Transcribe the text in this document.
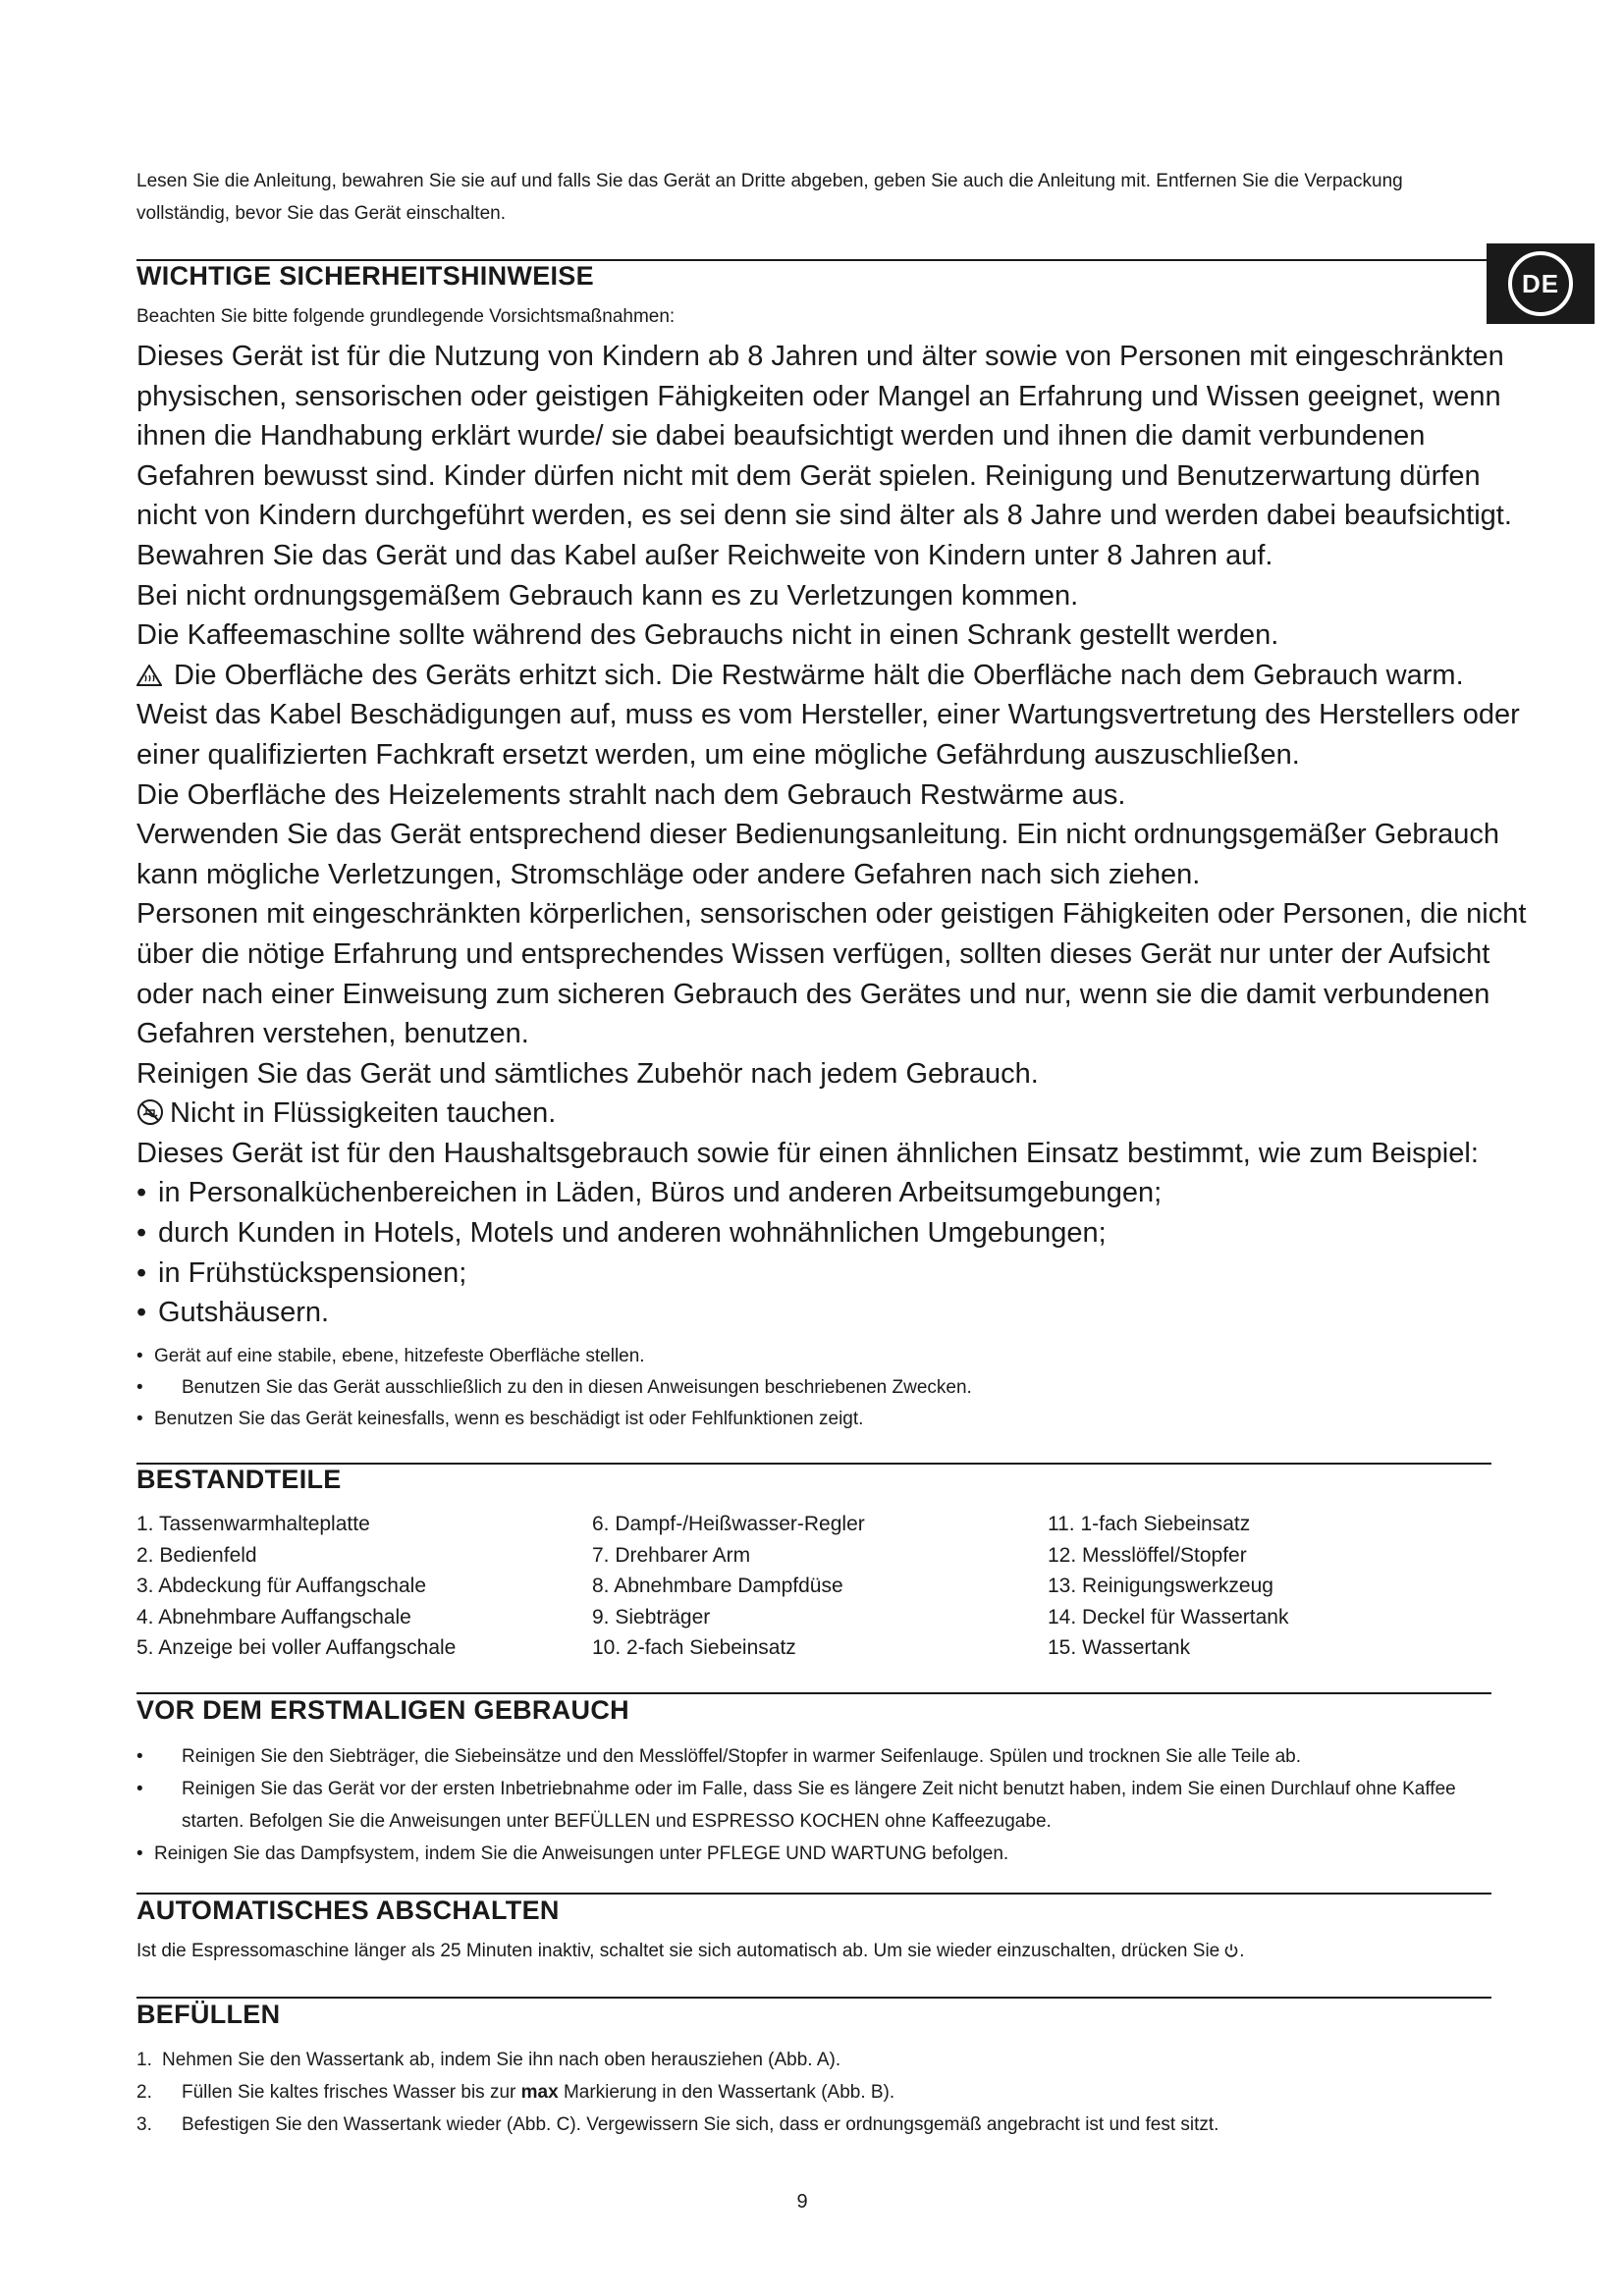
Lesen Sie die Anleitung, bewahren Sie sie auf und falls Sie das Gerät an Dritte abgeben, geben Sie auch die Anleitung mit. Entfernen Sie die Verpackung vollständig, bevor Sie das Gerät einschalten.
DE
WICHTIGE SICHERHEITSHINWEISE
Beachten Sie bitte folgende grundlegende Vorsichtsmaßnahmen:

Dieses Gerät ist für die Nutzung von Kindern ab 8 Jahren und älter sowie von Personen mit eingeschränkten physischen, sensorischen oder geistigen Fähigkeiten oder Mangel an Erfahrung und Wissen geeignet, wenn ihnen die Handhabung erklärt wurde/ sie dabei beaufsichtigt werden und ihnen die damit verbundenen Gefahren bewusst sind. Kinder dürfen nicht mit dem Gerät spielen. Reinigung und Benutzerwartung dürfen nicht von Kindern durchgeführt werden, es sei denn sie sind älter als 8 Jahre und werden dabei beaufsichtigt.

Bewahren Sie das Gerät und das Kabel außer Reichweite von Kindern unter 8 Jahren auf.

Bei nicht ordnungsgemäßem Gebrauch kann es zu Verletzungen kommen.

Die Kaffeemaschine sollte während des Gebrauchs nicht in einen Schrank gestellt werden.

Die Oberfläche des Geräts erhitzt sich. Die Restwärme hält die Oberfläche nach dem Gebrauch warm.

Weist das Kabel Beschädigungen auf, muss es vom Hersteller, einer Wartungsvertretung des Herstellers oder einer qualifizierten Fachkraft ersetzt werden, um eine mögliche Gefährdung auszuschließen.

Die Oberfläche des Heizelements strahlt nach dem Gebrauch Restwärme aus.

Verwenden Sie das Gerät entsprechend dieser Bedienungsanleitung. Ein nicht ordnungsgemäßer Gebrauch kann mögliche Verletzungen, Stromschläge oder andere Gefahren nach sich ziehen.

Personen mit eingeschränkten körperlichen, sensorischen oder geistigen Fähigkeiten oder Personen, die nicht über die nötige Erfahrung und entsprechendes Wissen verfügen, sollten dieses Gerät nur unter der Aufsicht oder nach einer Einweisung zum sicheren Gebrauch des Gerätes und nur, wenn sie die damit verbundenen Gefahren verstehen, benutzen.

Reinigen Sie das Gerät und sämtliches Zubehör nach jedem Gebrauch.

Nicht in Flüssigkeiten tauchen.

Dieses Gerät ist für den Haushaltsgebrauch sowie für einen ähnlichen Einsatz bestimmt, wie zum Beispiel:

• in Personalküchenbereichen in Läden, Büros und anderen Arbeitsumgebungen;

• durch Kunden in Hotels, Motels und anderen wohnähnlichen Umgebungen;

• in Frühstückspensionen;

• Gutshäusern.

• Gerät auf eine stabile, ebene, hitzefeste Oberfläche stellen.

• Benutzen Sie das Gerät ausschließlich zu den in diesen Anweisungen beschriebenen Zwecken.

• Benutzen Sie das Gerät keinesfalls, wenn es beschädigt ist oder Fehlfunktionen zeigt.

BESTANDTEILE

1. Tassenwarmhalteplatte

2. Bedienfeld

3. Abdeckung für Auffangschale

4. Abnehmbare Auffangschale

5. Anzeige bei voller Auffangschale

6. Dampf-/Heißwasser-Regler

7. Drehbarer Arm

8. Abnehmbare Dampfdüse

9. Siebträger

10. 2-fach Siebeinsatz

11. 1-fach Siebeinsatz

12. Messlöffel/Stopfer

13. Reinigungswerkzeug

14. Deckel für Wassertank

15. Wassertank

VOR DEM ERSTMALIGEN GEBRAUCH

• Reinigen Sie den Siebträger, die Siebeinsätze und den Messlöffel/Stopfer in warmer Seifenlauge. Spülen und trocknen Sie alle Teile ab.

• Reinigen Sie das Gerät vor der ersten Inbetriebnahme oder im Falle, dass Sie es längere Zeit nicht benutzt haben, indem Sie einen Durchlauf ohne Kaffee starten. Befolgen Sie die Anweisungen unter BEFÜLLEN und ESPRESSO KOCHEN ohne Kaffeezugabe.

• Reinigen Sie das Dampfsystem, indem Sie die Anweisungen unter PFLEGE UND WARTUNG befolgen.

AUTOMATISCHES ABSCHALTEN
Ist die Espressomaschine länger als 25 Minuten inaktiv, schaltet sie sich automatisch ab. Um sie wieder einzuschalten, drücken Sie .
BEFÜLLEN

1. Nehmen Sie den Wassertank ab, indem Sie ihn nach oben herausziehen (Abb. A).

2. Füllen Sie kaltes frisches Wasser bis zur max Markierung in den Wassertank (Abb. B).

3. Befestigen Sie den Wassertank wieder (Abb. C). Vergewissern Sie sich, dass er ordnungsgemäß angebracht ist und fest sitzt.

9
